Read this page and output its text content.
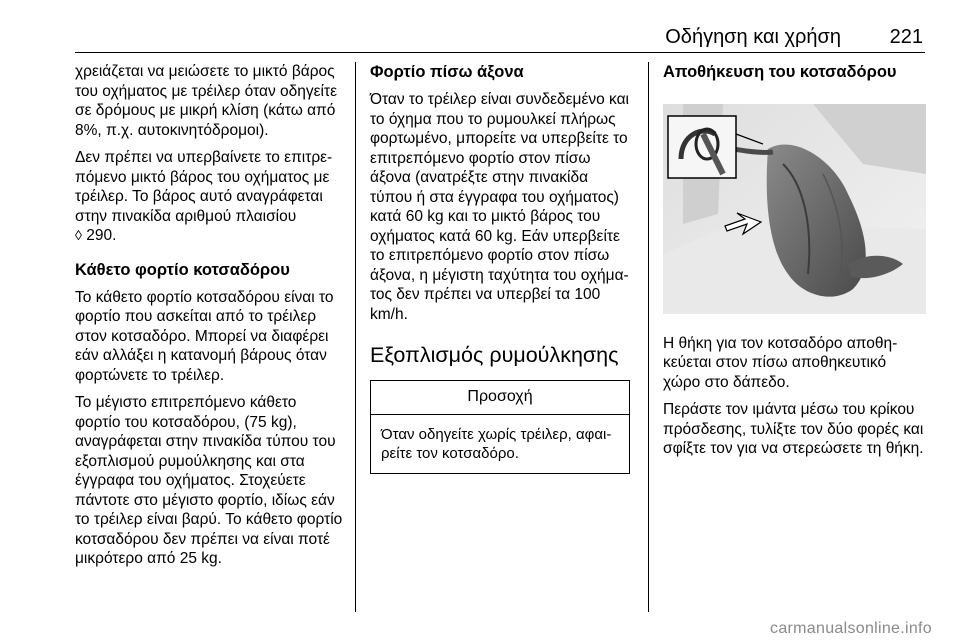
Οδήγηση και χρήση 221

χρειάζεται να μειώσετε το μικτό βάρος του οχήματος με τρέιλερ όταν οδηγείτε σε δρόμους με μικρή κλίση (κάτω από 8%, π.χ. αυτοκινητόδρομοι).

Δεν πρέπει να υπερβαίνετε το επιτρε‐πόμενο μικτό βάρος του οχήματος με τρέιλερ. Το βάρος αυτό αναγράφεται στην πινακίδα αριθμού πλαισίου
◊ 290.

Κάθετο φορτίο κοτσαδόρου

Το κάθετο φορτίο κοτσαδόρου είναι το φορτίο που ασκείται από το τρέιλερ στον κοτσαδόρο. Μπορεί να διαφέρει εάν αλλάξει η κατανομή βάρους όταν φορτώνετε το τρέιλερ.

Το μέγιστο επιτρεπόμενο κάθετο φορτίο του κοτσαδόρου, (75 kg), αναγράφεται στην πινακίδα τύπου του εξοπλισμού ρυμούλκησης και στα έγγραφα του οχήματος. Στοχεύετε πάντοτε στο μέγιστο φορτίο, ιδίως εάν το τρέιλερ είναι βαρύ. Το κάθετο φορτίο κοτσαδόρου δεν πρέπει να είναι ποτέ μικρότερο από 25 kg.

Φορτίο πίσω άξονα

Όταν το τρέιλερ είναι συνδεδεμένο και το όχημα που το ρυμουλκεί πλήρως φορτωμένο, μπορείτε να υπερβείτε το επιτρεπόμενο φορτίο στον πίσω άξονα (ανατρέξτε στην πινακίδα τύπου ή στα έγγραφα του οχήματος) κατά 60 kg και το μικτό βάρος του οχήματος κατά 60 kg. Εάν υπερβείτε το επιτρεπόμενο φορτίο στον πίσω άξονα, η μέγιστη ταχύτητα του οχήμα‐τος δεν πρέπει να υπερβεί τα 100 km/h.

Εξοπλισμός ρυμούλκησης
Προσοχή
Όταν οδηγείτε χωρίς τρέιλερ, αφαι‐ρείτε τον κοτσαδόρο.
Αποθήκευση του κοτσαδόρου

Η θήκη για τον κοτσαδόρο αποθη‐κεύεται στον πίσω αποθηκευτικό χώρο στο δάπεδο.

Περάστε τον ιμάντα μέσω του κρίκου πρόσδεσης, τυλίξτε τον δύο φορές και σφίξτε τον για να στερεώσετε τη θήκη.

carmanualsonline.info
